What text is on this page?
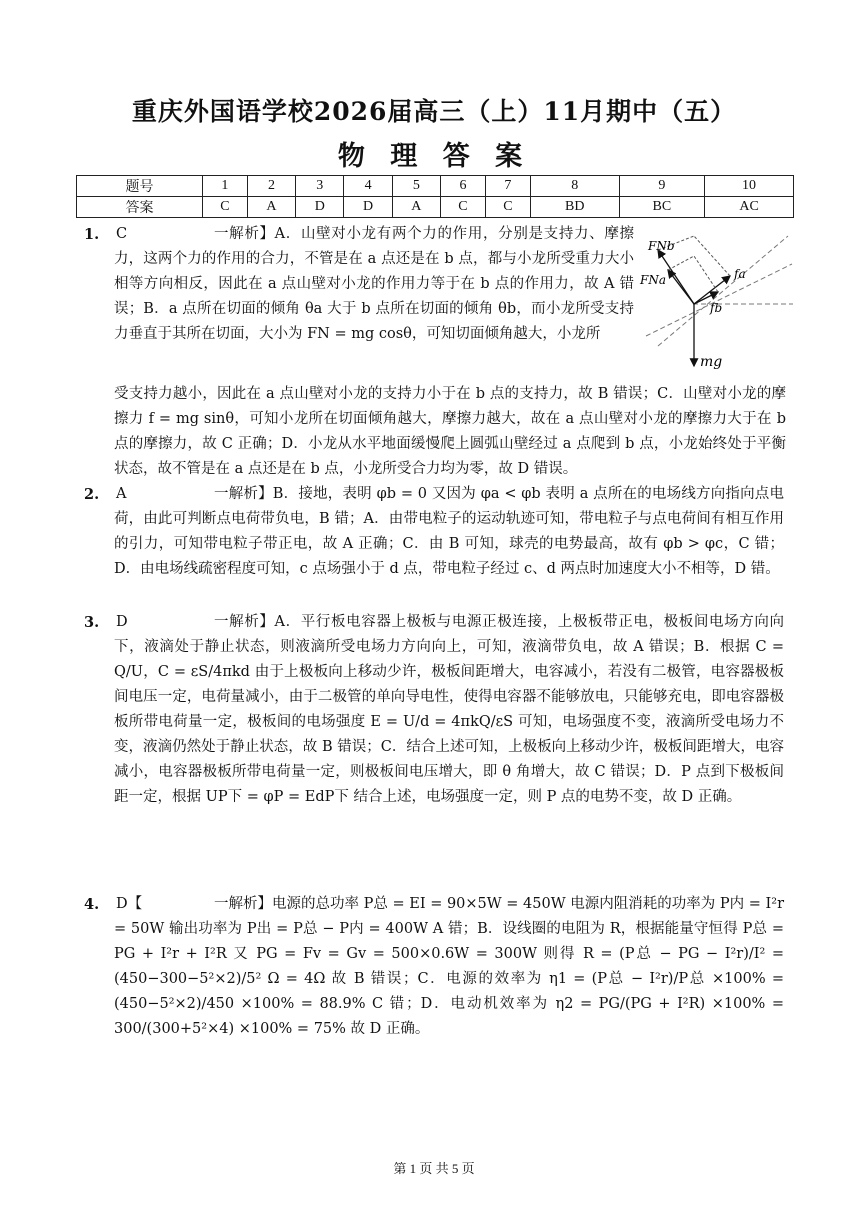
重庆外国语学校2026届高三（上）11月期中（五）
物 理 答 案
题号	1	2	3	4	5	6	7	8	9	10
答案	C	A	D	D	A	C	C	BD	BC	AC
1.	C	一解析】A．山壁对小龙有两个力的作用，分别是支持力、摩擦力，这两个力的作用的合力，不管是在 a 点还是在 b 点，都与小龙所受重力大小相等方向相反，因此在 a 点山壁对小龙的作用力等于在 b 点的作用力，故 A 错误；B．a 点所在切面的倾角 θa 大于 b 点所在切面的倾角 θb，而小龙所受支持力垂直于其所在切面，大小为 FN = mg cosθ，可知切面倾角越大，小龙所
受支持力越小，因此在 a 点山壁对小龙的支持力小于在 b 点的支持力，故 B 错误；C．山壁对小龙的摩擦力 f = mg sinθ，可知小龙所在切面倾角越大，摩擦力越大，故在 a 点山壁对小龙的摩擦力大于在 b 点的摩擦力，故 C 正确；D．小龙从水平地面缓慢爬上圆弧山壁经过 a 点爬到 b 点，小龙始终处于平衡状态，故不管是在 a 点还是在 b 点，小龙所受合力均为零，故 D 错误。
FNb
FNa	fa
fb
mg
2.	A	一解析】B．接地，表明 φb = 0 又因为 φa < φb 表明 a 点所在的电场线方向指向点电荷，由此可判断点电荷带负电，B 错；A．由带电粒子的运动轨迹可知，带电粒子与点电荷间有相互作用的引力，可知带电粒子带正电，故 A 正确；C．由 B 可知，球壳的电势最高，故有 φb > φc，C 错；D．由电场线疏密程度可知，c 点场强小于 d 点，带电粒子经过 c、d 两点时加速度大小不相等，D 错。
3.	D	一解析】A．平行板电容器上极板与电源正极连接，上极板带正电，极板间电场方向向下，液滴处于静止状态，则液滴所受电场力方向向上，可知，液滴带负电，故 A 错误；B．根据 C = Q/U，C = εS/4πkd 由于上极板向上移动少许，极板间距增大，电容减小，若没有二极管，电容器极板间电压一定，电荷量减小，由于二极管的单向导电性，使得电容器不能够放电，只能够充电，即电容器极板所带电荷量一定，极板间的电场强度 E = U/d = 4πkQ/εS 可知，电场强度不变，液滴所受电场力不变，液滴仍然处于静止状态，故 B 错误；C．结合上述可知，上极板向上移动少许，极板间距增大，电容减小，电容器极板所带电荷量一定，则极板间电压增大，即 θ 角增大，故 C 错误；D．P 点到下极板间距一定，根据 UP下 = φP = EdP下 结合上述，电场强度一定，则 P 点的电势不变，故 D 正确。
4.	D【	一解析】电源的总功率 P总 = EI = 90×5W = 450W 电源内阻消耗的功率为 P内 = I²r = 50W 输出功率为 P出 = P总 − P内 = 400W A 错；B．设线圈的电阻为 R，根据能量守恒得 P总 = PG + I²r + I²R 又 PG = Fv = Gv = 500×0.6W = 300W 则得 R = (P总 − PG − I²r)/I² = (450−300−5²×2)/5² Ω = 4Ω 故 B 错误；C．电源的效率为 η1 = (P总 − I²r)/P总 ×100% = (450−5²×2)/450 ×100% = 88.9% C 错；D．电动机效率为 η2 = PG/(PG + I²R) ×100% = 300/(300+5²×4) ×100% = 75% 故 D 正确。
第 1 页 共 5 页
